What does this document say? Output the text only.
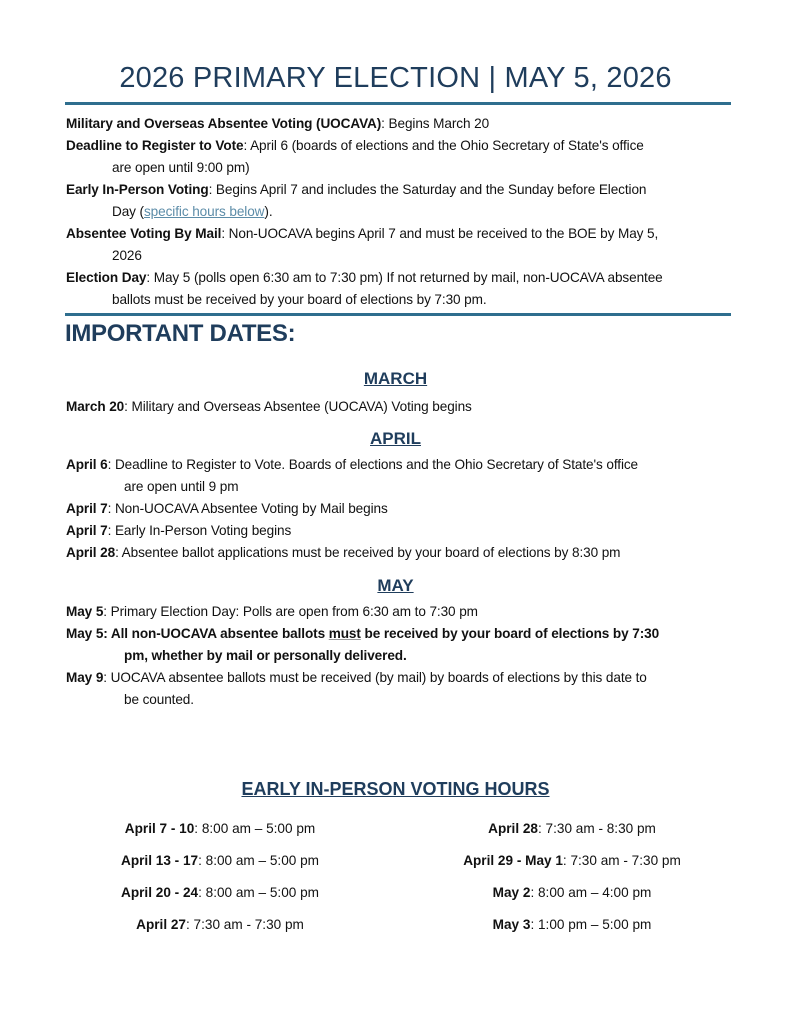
2026 PRIMARY ELECTION | MAY 5, 2026
Military and Overseas Absentee Voting (UOCAVA): Begins March 20
Deadline to Register to Vote: April 6 (boards of elections and the Ohio Secretary of State's office
are open until 9:00 pm)
Early In-Person Voting: Begins April 7 and includes the Saturday and the Sunday before Election
Day (specific hours below).
Absentee Voting By Mail: Non-UOCAVA begins April 7 and must be received to the BOE by May 5,
2026
Election Day: May 5 (polls open 6:30 am to 7:30 pm) If not returned by mail, non-UOCAVA absentee
ballots must be received by your board of elections by 7:30 pm.
IMPORTANT DATES:
MARCH
March 20: Military and Overseas Absentee (UOCAVA) Voting begins
APRIL
April 6: Deadline to Register to Vote. Boards of elections and the Ohio Secretary of State's office
are open until 9 pm
April 7: Non-UOCAVA Absentee Voting by Mail begins
April 7: Early In-Person Voting begins
April 28: Absentee ballot applications must be received by your board of elections by 8:30 pm
MAY
May 5: Primary Election Day: Polls are open from 6:30 am to 7:30 pm
May 5: All non-UOCAVA absentee ballots must be received by your board of elections by 7:30
pm, whether by mail or personally delivered.
May 9: UOCAVA absentee ballots must be received (by mail) by boards of elections by this date to
be counted.
EARLY IN-PERSON VOTING HOURS
April 7 - 10: 8:00 am – 5:00 pm
April 13 - 17: 8:00 am – 5:00 pm
April 20 - 24: 8:00 am – 5:00 pm
April 27: 7:30 am - 7:30 pm
April 28: 7:30 am - 8:30 pm
April 29 - May 1: 7:30 am - 7:30 pm
May 2: 8:00 am – 4:00 pm
May 3: 1:00 pm – 5:00 pm
